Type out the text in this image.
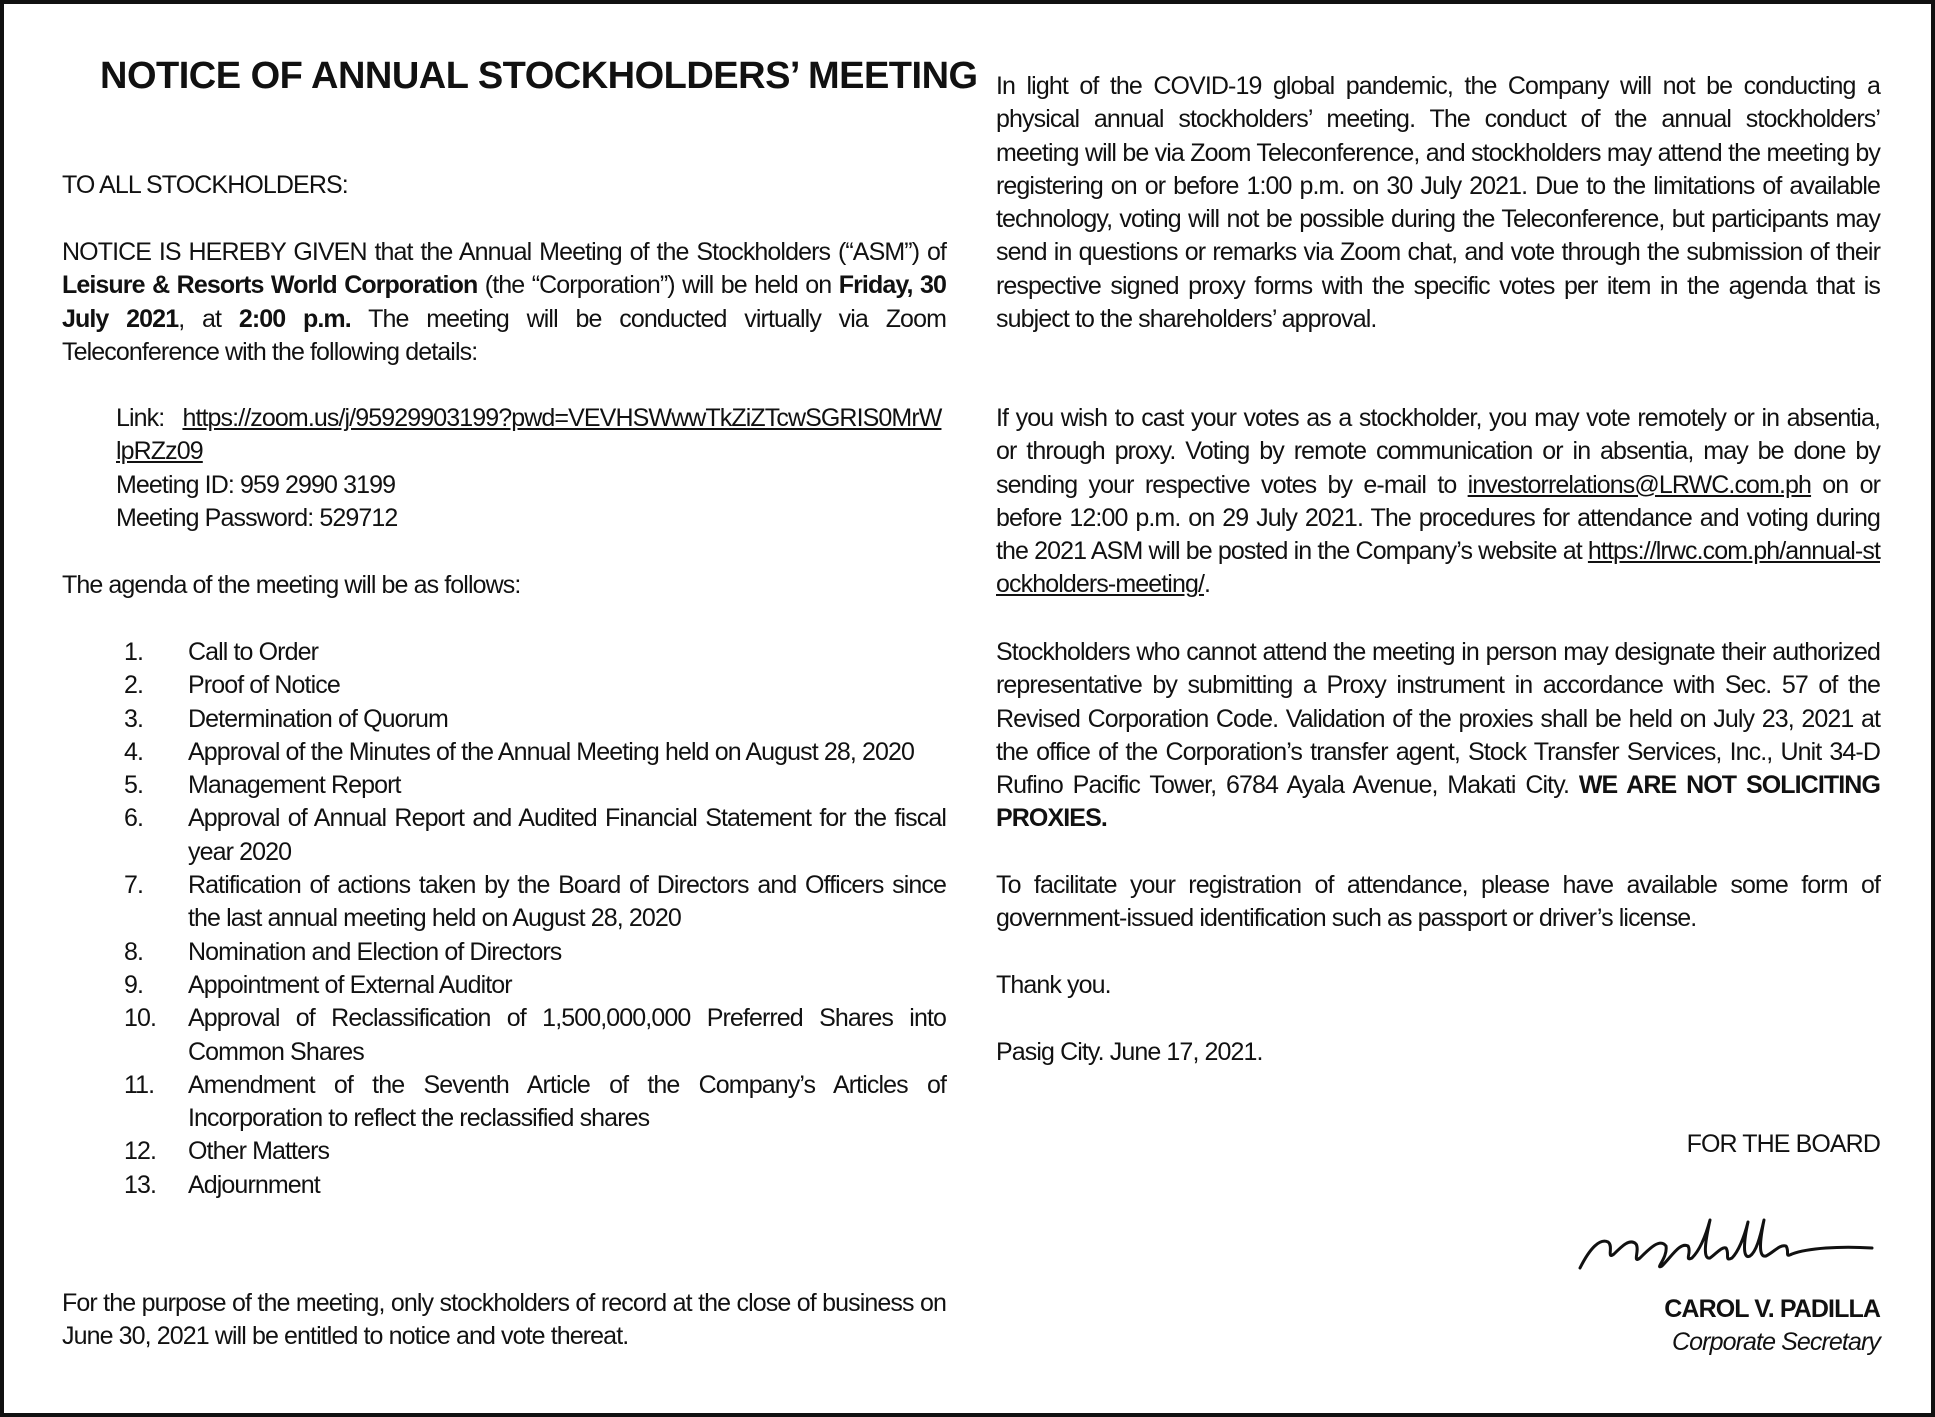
NOTICE OF ANNUAL STOCKHOLDERS’ MEETING

TO ALL STOCKHOLDERS:

NOTICE IS HEREBY GIVEN that the Annual Meeting of the Stockholders (“ASM”) of Leisure & Resorts World Corporation (the “Corporation”) will be held on Friday, 30 July 2021, at 2:00 p.m. The meeting will be conducted virtually via Zoom Teleconference with the following details:

Link: https://zoom.us/j/95929903199?pwd=VEVHSWwwTkZiZTcwSGRIS0MrWlpRZz09

Meeting ID: 959 2990 3199

Meeting Password: 529712

The agenda of the meeting will be as follows:

1.	Call to Order
2.	Proof of Notice
3.	Determination of Quorum
4.	Approval of the Minutes of the Annual Meeting held on August 28, 2020
5.	Management Report
6.	Approval of Annual Report and Audited Financial Statement for the fiscal year 2020
7.	Ratification of actions taken by the Board of Directors and Officers since the last annual meeting held on August 28, 2020
8.	Nomination and Election of Directors
9.	Appointment of External Auditor
10.	Approval of Reclassification of 1,500,000,000 Preferred Shares into Common Shares
11.	Amendment of the Seventh Article of the Company’s Articles of Incorporation to reflect the reclassified shares
12.	Other Matters
13.	Adjournment

For the purpose of the meeting, only stockholders of record at the close of business on June 30, 2021 will be entitled to notice and vote thereat.

In light of the COVID-19 global pandemic, the Company will not be conducting a physical annual stockholders’ meeting. The conduct of the annual stockholders’ meeting will be via Zoom Teleconference, and stockholders may attend the meeting by registering on or before 1:00 p.m. on 30 July 2021. Due to the limitations of available technology, voting will not be possible during the Teleconference, but participants may send in questions or remarks via Zoom chat, and vote through the submission of their respective signed proxy forms with the specific votes per item in the agenda that is subject to the shareholders’ approval.

If you wish to cast your votes as a stockholder, you may vote remotely or in absentia, or through proxy. Voting by remote communication or in absentia, may be done by sending your respective votes by e-mail to investorrelations@LRWC.com.ph on or before 12:00 p.m. on 29 July 2021. The procedures for attendance and voting during the 2021 ASM will be posted in the Company’s website at https://lrwc.com.ph/annual-stockholders-meeting/.

Stockholders who cannot attend the meeting in person may designate their authorized representative by submitting a Proxy instrument in accordance with Sec. 57 of the Revised Corporation Code. Validation of the proxies shall be held on July 23, 2021 at the office of the Corporation’s transfer agent, Stock Transfer Services, Inc., Unit 34-D Rufino Pacific Tower, 6784 Ayala Avenue, Makati City. WE ARE NOT SOLICITING PROXIES.

To facilitate your registration of attendance, please have available some form of government-issued identification such as passport or driver’s license.

Thank you.

Pasig City. June 17, 2021.

FOR THE BOARD

CAROL V. PADILLA

Corporate Secretary
